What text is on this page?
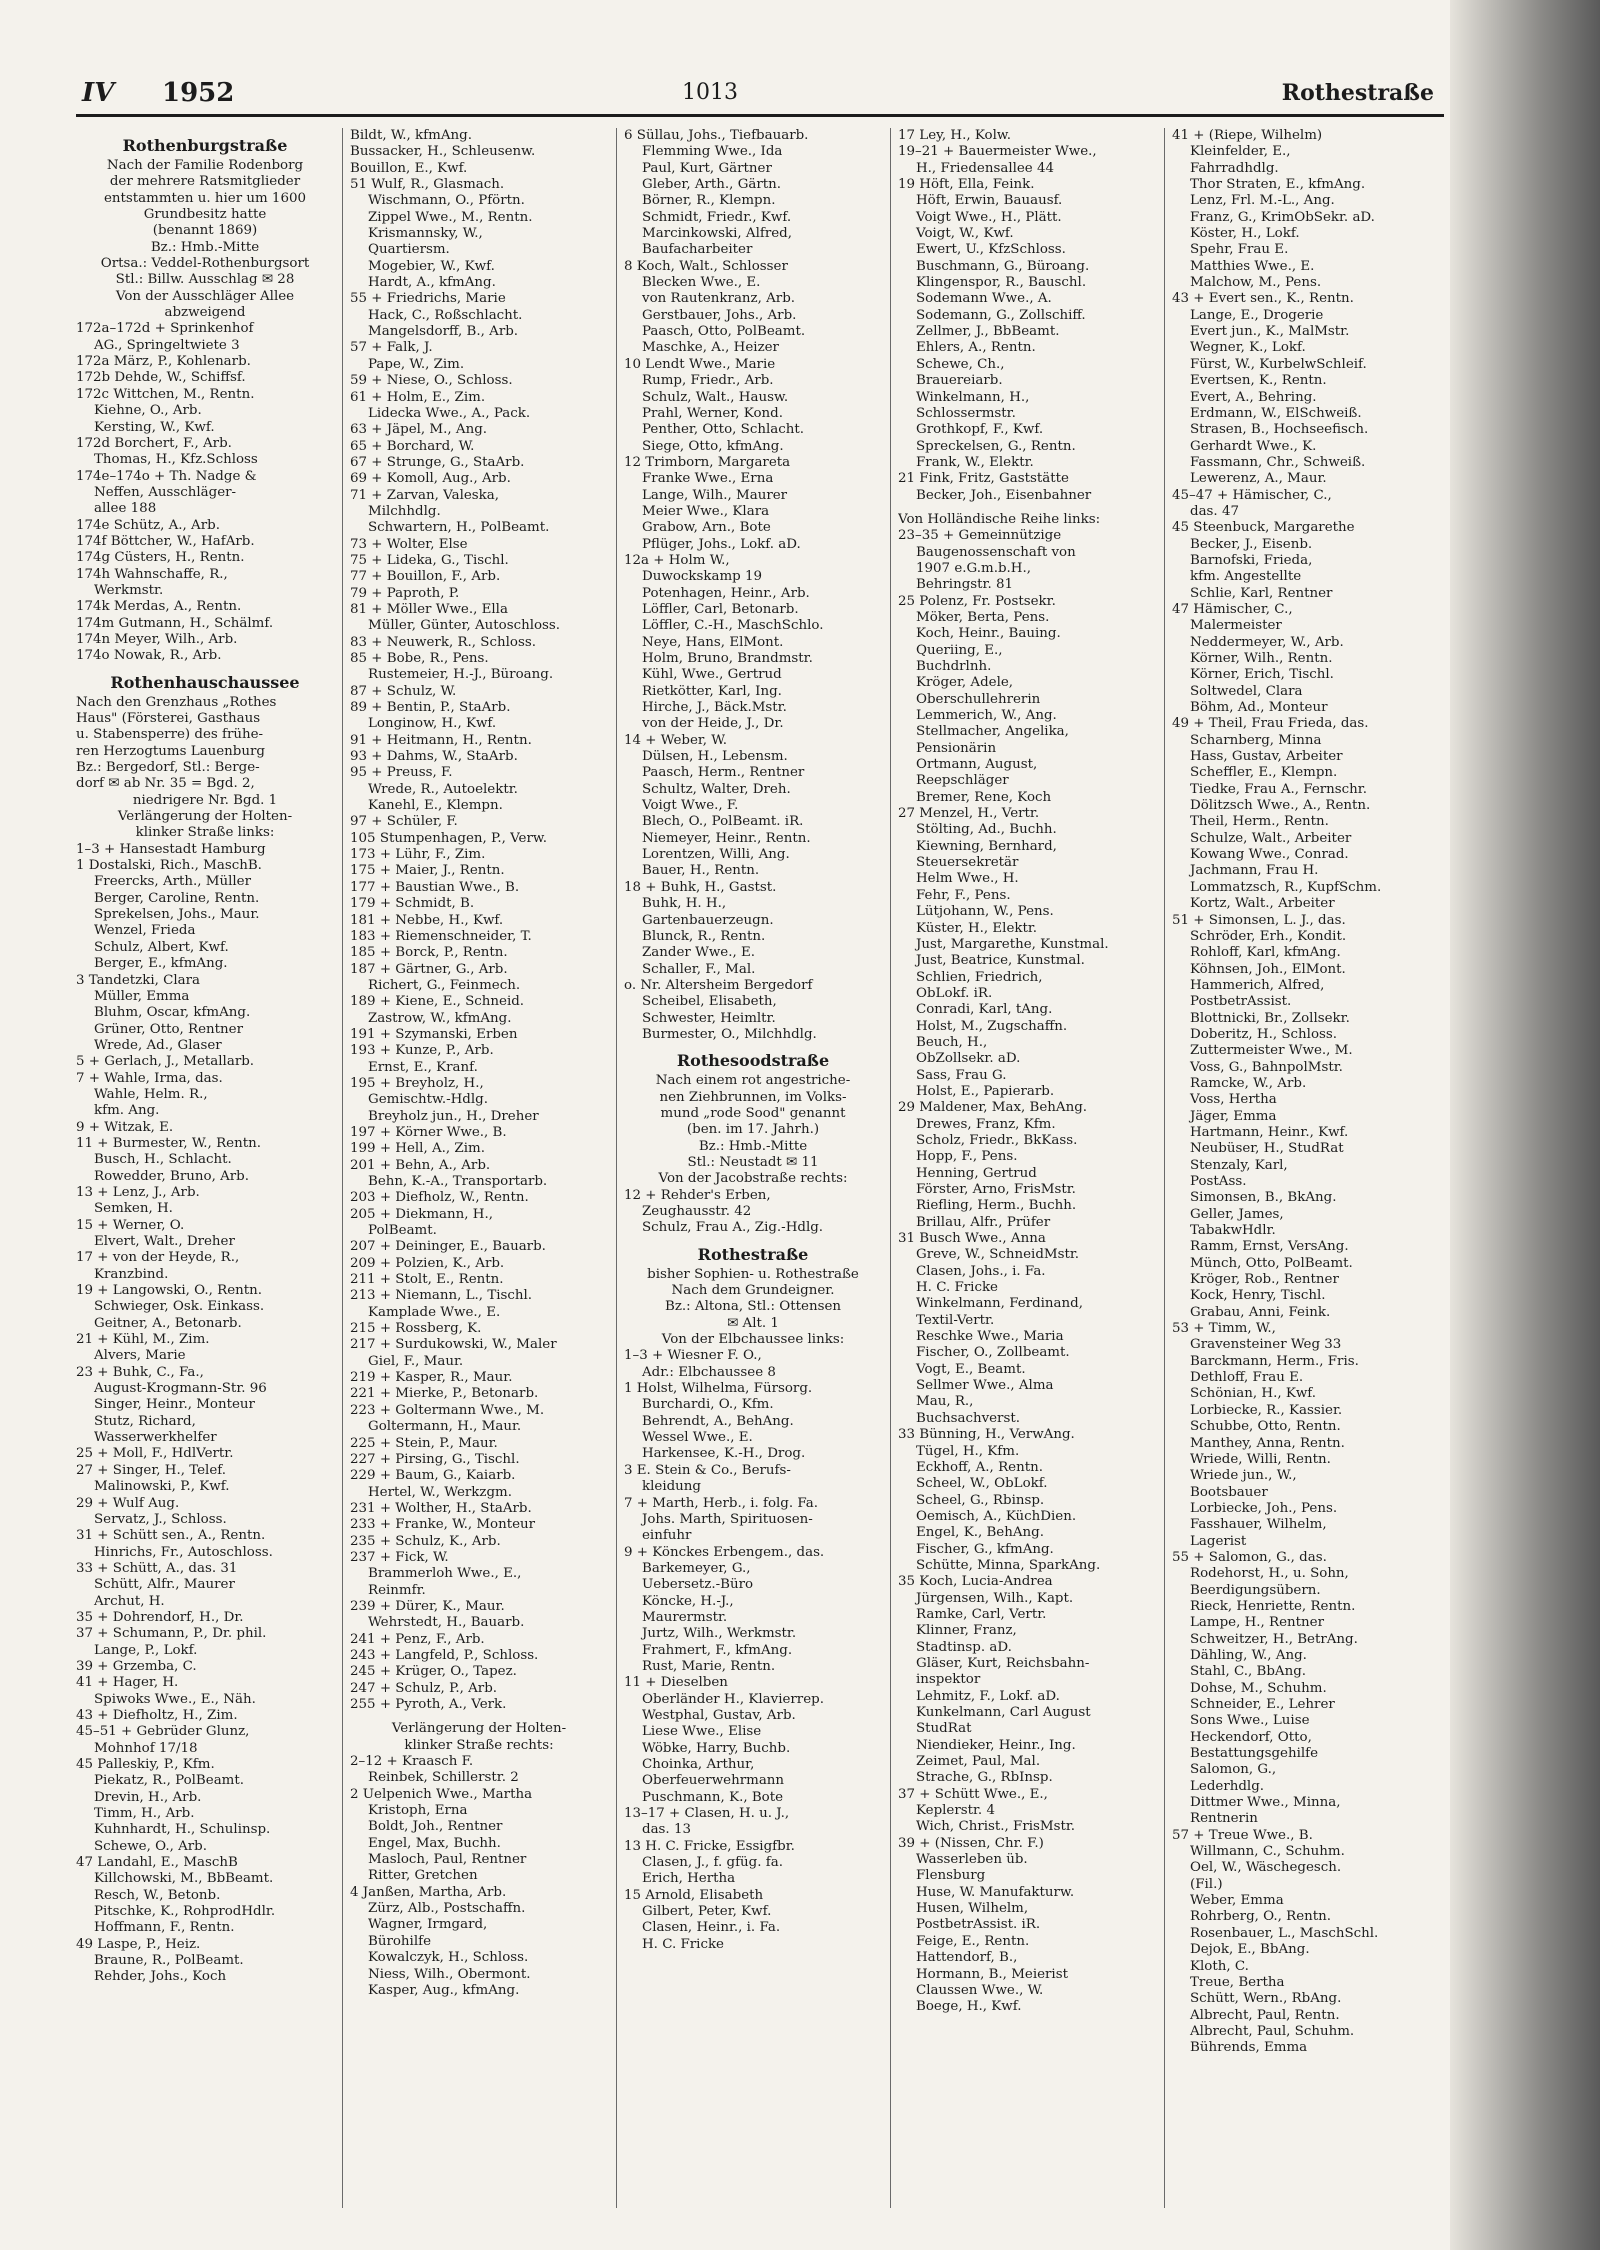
IV 1952	1013	Rothestraße
Rothenburgstraße
Nach der Familie Rodenborg
der mehrere Ratsmitglieder
entstammten u. hier um 1600
Grundbesitz hatte
(benannt 1869)
Bz.: Hmb.-Mitte
Ortsa.: Veddel-Rothenburgsort
Stl.: Billw. Ausschlag ✉ 28
Von der Ausschläger Allee
abzweigend
172a–172d + Sprinkenhof
AG., Springeltwiete 3
172a März, P., Kohlenarb.
172b Dehde, W., Schiffsf.
172c Wittchen, M., Rentn.
Kiehne, O., Arb.
Kersting, W., Kwf.
172d Borchert, F., Arb.
Thomas, H., Kfz.Schloss
174e–174o + Th. Nadge &
Neffen, Ausschläger-
allee 188
174e Schütz, A., Arb.
174f Böttcher, W., HafArb.
174g Cüsters, H., Rentn.
174h Wahnschaffe, R.,
Werkmstr.
174k Merdas, A., Rentn.
174m Gutmann, H., Schälmf.
174n Meyer, Wilh., Arb.
174o Nowak, R., Arb.
Rothenhauschaussee
Nach den Grenzhaus „Rothes
Haus" (Försterei, Gasthaus
u. Stabensperre) des frühe-
ren Herzogtums Lauenburg
Bz.: Bergedorf, Stl.: Berge-
dorf ✉ ab Nr. 35 = Bgd. 2,
niedrigere Nr. Bgd. 1
Verlängerung der Holten-
klinker Straße links:
1–3 + Hansestadt Hamburg
1 Dostalski, Rich., MaschB.
Freercks, Arth., Müller
Berger, Caroline, Rentn.
Sprekelsen, Johs., Maur.
Wenzel, Frieda
Schulz, Albert, Kwf.
Berger, E., kfmAng.
3 Tandetzki, Clara
Müller, Emma
Bluhm, Oscar, kfmAng.
Grüner, Otto, Rentner
Wrede, Ad., Glaser
5 + Gerlach, J., Metallarb.
7 + Wahle, Irma, das.
Wahle, Helm. R.,
kfm. Ang.
9 + Witzak, E.
11 + Burmester, W., Rentn.
Busch, H., Schlacht.
Rowedder, Bruno, Arb.
13 + Lenz, J., Arb.
Semken, H.
15 + Werner, O.
Elvert, Walt., Dreher
17 + von der Heyde, R.,
Kranzbind.
19 + Langowski, O., Rentn.
Schwieger, Osk. Einkass.
Geitner, A., Betonarb.
21 + Kühl, M., Zim.
Alvers, Marie
23 + Buhk, C., Fa.,
August-Krogmann-Str. 96
Singer, Heinr., Monteur
Stutz, Richard,
Wasserwerkhelfer
25 + Moll, F., HdlVertr.
27 + Singer, H., Telef.
Malinowski, P., Kwf.
29 + Wulf Aug.
Servatz, J., Schloss.
31 + Schütt sen., A., Rentn.
Hinrichs, Fr., Autoschloss.
33 + Schütt, A., das. 31
Schütt, Alfr., Maurer
Archut, H.
35 + Dohrendorf, H., Dr.
37 + Schumann, P., Dr. phil.
Lange, P., Lokf.
39 + Grzemba, C.
41 + Hager, H.
Spiwoks Wwe., E., Näh.
43 + Diefholtz, H., Zim.
45–51 + Gebrüder Glunz,
Mohnhof 17/18
45 Palleskiy, P., Kfm.
Piekatz, R., PolBeamt.
Drevin, H., Arb.
Timm, H., Arb.
Kuhnhardt, H., Schulinsp.
Schewe, O., Arb.
47 Landahl, E., MaschB
Killchowski, M., BbBeamt.
Resch, W., Betonb.
Pitschke, K., RohprodHdlr.
Hoffmann, F., Rentn.
49 Laspe, P., Heiz.
Braune, R., PolBeamt.
Rehder, Johs., Koch
Bildt, W., kfmAng.
Bussacker, H., Schleusenw.
Bouillon, E., Kwf.
51 Wulf, R., Glasmach.
Wischmann, O., Pförtn.
Zippel Wwe., M., Rentn.
Krismannsky, W.,
Quartiersm.
Mogebier, W., Kwf.
Hardt, A., kfmAng.
55 + Friedrichs, Marie
Hack, C., Roßschlacht.
Mangelsdorff, B., Arb.
57 + Falk, J.
Pape, W., Zim.
59 + Niese, O., Schloss.
61 + Holm, E., Zim.
Lidecka Wwe., A., Pack.
63 + Jäpel, M., Ang.
65 + Borchard, W.
67 + Strunge, G., StaArb.
69 + Komoll, Aug., Arb.
71 + Zarvan, Valeska,
Milchhdlg.
Schwartern, H., PolBeamt.
73 + Wolter, Else
75 + Lideka, G., Tischl.
77 + Bouillon, F., Arb.
79 + Paproth, P.
81 + Möller Wwe., Ella
Müller, Günter, Autoschloss.
83 + Neuwerk, R., Schloss.
85 + Bobe, R., Pens.
Rustemeier, H.-J., Büroang.
87 + Schulz, W.
89 + Bentin, P., StaArb.
Longinow, H., Kwf.
91 + Heitmann, H., Rentn.
93 + Dahms, W., StaArb.
95 + Preuss, F.
Wrede, R., Autoelektr.
Kanehl, E., Klempn.
97 + Schüler, F.
105 Stumpenhagen, P., Verw.
173 + Lühr, F., Zim.
175 + Maier, J., Rentn.
177 + Baustian Wwe., B.
179 + Schmidt, B.
181 + Nebbe, H., Kwf.
183 + Riemenschneider, T.
185 + Borck, P., Rentn.
187 + Gärtner, G., Arb.
Richert, G., Feinmech.
189 + Kiene, E., Schneid.
Zastrow, W., kfmAng.
191 + Szymanski, Erben
193 + Kunze, P., Arb.
Ernst, E., Kranf.
195 + Breyholz, H.,
Gemischtw.-Hdlg.
Breyholz jun., H., Dreher
197 + Körner Wwe., B.
199 + Hell, A., Zim.
201 + Behn, A., Arb.
Behn, K.-A., Transportarb.
203 + Diefholz, W., Rentn.
205 + Diekmann, H.,
PolBeamt.
207 + Deininger, E., Bauarb.
209 + Polzien, K., Arb.
211 + Stolt, E., Rentn.
213 + Niemann, L., Tischl.
Kamplade Wwe., E.
215 + Rossberg, K.
217 + Surdukowski, W., Maler
Giel, F., Maur.
219 + Kasper, R., Maur.
221 + Mierke, P., Betonarb.
223 + Goltermann Wwe., M.
Goltermann, H., Maur.
225 + Stein, P., Maur.
227 + Pirsing, G., Tischl.
229 + Baum, G., Kaiarb.
Hertel, W., Werkzgm.
231 + Wolther, H., StaArb.
233 + Franke, W., Monteur
235 + Schulz, K., Arb.
237 + Fick, W.
Brammerloh Wwe., E.,
Reinmfr.
239 + Dürer, K., Maur.
Wehrstedt, H., Bauarb.
241 + Penz, F., Arb.
243 + Langfeld, P., Schloss.
245 + Krüger, O., Tapez.
247 + Schulz, P., Arb.
255 + Pyroth, A., Verk.
Verlängerung der Holten-
klinker Straße rechts:
2–12 + Kraasch F.
Reinbek, Schillerstr. 2
2 Uelpenich Wwe., Martha
Kristoph, Erna
Boldt, Joh., Rentner
Engel, Max, Buchh.
Masloch, Paul, Rentner
Ritter, Gretchen
4 Janßen, Martha, Arb.
Zürz, Alb., Postschaffn.
Wagner, Irmgard,
Bürohilfe
Kowalczyk, H., Schloss.
Niess, Wilh., Obermont.
Kasper, Aug., kfmAng.
6 Süllau, Johs., Tiefbauarb.
Flemming Wwe., Ida
Paul, Kurt, Gärtner
Gleber, Arth., Gärtn.
Börner, R., Klempn.
Schmidt, Friedr., Kwf.
Marcinkowski, Alfred,
Baufacharbeiter
8 Koch, Walt., Schlosser
Blecken Wwe., E.
von Rautenkranz, Arb.
Gerstbauer, Johs., Arb.
Paasch, Otto, PolBeamt.
Maschke, A., Heizer
10 Lendt Wwe., Marie
Rump, Friedr., Arb.
Schulz, Walt., Hausw.
Prahl, Werner, Kond.
Penther, Otto, Schlacht.
Siege, Otto, kfmAng.
12 Trimborn, Margareta
Franke Wwe., Erna
Lange, Wilh., Maurer
Meier Wwe., Klara
Grabow, Arn., Bote
Pflüger, Johs., Lokf. aD.
12a + Holm W.,
Duwockskamp 19
Potenhagen, Heinr., Arb.
Löffler, Carl, Betonarb.
Löffler, C.-H., MaschSchlo.
Neye, Hans, ElMont.
Holm, Bruno, Brandmstr.
Kühl, Wwe., Gertrud
Rietkötter, Karl, Ing.
Hirche, J., Bäck.Mstr.
von der Heide, J., Dr.
14 + Weber, W.
Dülsen, H., Lebensm.
Paasch, Herm., Rentner
Schultz, Walter, Dreh.
Voigt Wwe., F.
Blech, O., PolBeamt. iR.
Niemeyer, Heinr., Rentn.
Lorentzen, Willi, Ang.
Bauer, H., Rentn.
18 + Buhk, H., Gastst.
Buhk, H. H.,
Gartenbauerzeugn.
Blunck, R., Rentn.
Zander Wwe., E.
Schaller, F., Mal.
o. Nr. Altersheim Bergedorf
Scheibel, Elisabeth,
Schwester, Heimltr.
Burmester, O., Milchhdlg.
Rothesoodstraße
Nach einem rot angestriche-
nen Ziehbrunnen, im Volks-
mund „rode Sood" genannt
(ben. im 17. Jahrh.)
Bz.: Hmb.-Mitte
Stl.: Neustadt ✉ 11
Von der Jacobstraße rechts:
12 + Rehder's Erben,
Zeughausstr. 42
Schulz, Frau A., Zig.-Hdlg.
Rothestraße
bisher Sophien- u. Rothestraße
Nach dem Grundeigner.
Bz.: Altona, Stl.: Ottensen
✉ Alt. 1
Von der Elbchaussee links:
1–3 + Wiesner F. O.,
Adr.: Elbchaussee 8
1 Holst, Wilhelma, Fürsorg.
Burchardi, O., Kfm.
Behrendt, A., BehAng.
Wessel Wwe., E.
Harkensee, K.-H., Drog.
3 E. Stein & Co., Berufs-
kleidung
7 + Marth, Herb., i. folg. Fa.
Johs. Marth, Spirituosen-
einfuhr
9 + Könckes Erbengem., das.
Barkemeyer, G.,
Uebersetz.-Büro
Köncke, H.-J.,
Maurermstr.
Jurtz, Wilh., Werkmstr.
Frahmert, F., kfmAng.
Rust, Marie, Rentn.
11 + Dieselben
Oberländer H., Klavierrep.
Westphal, Gustav, Arb.
Liese Wwe., Elise
Wöbke, Harry, Buchb.
Choinka, Arthur,
Oberfeuerwehrmann
Puschmann, K., Bote
13–17 + Clasen, H. u. J.,
das. 13
13 H. C. Fricke, Essigfbr.
Clasen, J., f. gfüg. fa.
Erich, Hertha
15 Arnold, Elisabeth
Gilbert, Peter, Kwf.
Clasen, Heinr., i. Fa.
H. C. Fricke
17 Ley, H., Kolw.
19–21 + Bauermeister Wwe.,
H., Friedensallee 44
19 Höft, Ella, Feink.
Höft, Erwin, Bauausf.
Voigt Wwe., H., Plätt.
Voigt, W., Kwf.
Ewert, U., KfzSchloss.
Buschmann, G., Büroang.
Klingenspor, R., Bauschl.
Sodemann Wwe., A.
Sodemann, G., Zollschiff.
Zellmer, J., BbBeamt.
Ehlers, A., Rentn.
Schewe, Ch.,
Brauereiarb.
Winkelmann, H.,
Schlossermstr.
Grothkopf, F., Kwf.
Spreckelsen, G., Rentn.
Frank, W., Elektr.
21 Fink, Fritz, Gaststätte
Becker, Joh., Eisenbahner
Von Holländische Reihe links:
23–35 + Gemeinnützige
Baugenossenschaft von
1907 e.G.m.b.H.,
Behringstr. 81
25 Polenz, Fr. Postsekr.
Möker, Berta, Pens.
Koch, Heinr., Bauing.
Queriing, E.,
Buchdrlnh.
Kröger, Adele,
Oberschullehrerin
Lemmerich, W., Ang.
Stellmacher, Angelika,
Pensionärin
Ortmann, August,
Reepschläger
Bremer, Rene, Koch
27 Menzel, H., Vertr.
Stölting, Ad., Buchh.
Kiewning, Bernhard,
Steuersekretär
Helm Wwe., H.
Fehr, F., Pens.
Lütjohann, W., Pens.
Küster, H., Elektr.
Just, Margarethe, Kunstmal.
Just, Beatrice, Kunstmal.
Schlien, Friedrich,
ObLokf. iR.
Conradi, Karl, tAng.
Holst, M., Zugschaffn.
Beuch, H.,
ObZollsekr. aD.
Sass, Frau G.
Holst, E., Papierarb.
29 Maldener, Max, BehAng.
Drewes, Franz, Kfm.
Scholz, Friedr., BkKass.
Hopp, F., Pens.
Henning, Gertrud
Förster, Arno, FrisMstr.
Riefling, Herm., Buchh.
Brillau, Alfr., Prüfer
31 Busch Wwe., Anna
Greve, W., SchneidMstr.
Clasen, Johs., i. Fa.
H. C. Fricke
Winkelmann, Ferdinand,
Textil-Vertr.
Reschke Wwe., Maria
Fischer, O., Zollbeamt.
Vogt, E., Beamt.
Sellmer Wwe., Alma
Mau, R.,
Buchsachverst.
33 Bünning, H., VerwAng.
Tügel, H., Kfm.
Eckhoff, A., Rentn.
Scheel, W., ObLokf.
Scheel, G., Rbinsp.
Oemisch, A., KüchDien.
Engel, K., BehAng.
Fischer, G., kfmAng.
Schütte, Minna, SparkAng.
35 Koch, Lucia-Andrea
Jürgensen, Wilh., Kapt.
Ramke, Carl, Vertr.
Klinner, Franz,
Stadtinsp. aD.
Gläser, Kurt, Reichsbahn-
inspektor
Lehmitz, F., Lokf. aD.
Kunkelmann, Carl August
StudRat
Niendieker, Heinr., Ing.
Zeimet, Paul, Mal.
Strache, G., RbInsp.
37 + Schütt Wwe., E.,
Keplerstr. 4
Wich, Christ., FrisMstr.
39 + (Nissen, Chr. F.)
Wasserleben üb.
Flensburg
Huse, W. Manufakturw.
Husen, Wilhelm,
PostbetrAssist. iR.
Feige, E., Rentn.
Hattendorf, B.,
Hormann, B., Meierist
Claussen Wwe., W.
Boege, H., Kwf.
41 + (Riepe, Wilhelm)
Kleinfelder, E.,
Fahrradhdlg.
Thor Straten, E., kfmAng.
Lenz, Frl. M.-L., Ang.
Franz, G., KrimObSekr. aD.
Köster, H., Lokf.
Spehr, Frau E.
Matthies Wwe., E.
Malchow, M., Pens.
43 + Evert sen., K., Rentn.
Lange, E., Drogerie
Evert jun., K., MalMstr.
Wegner, K., Lokf.
Fürst, W., KurbelwSchleif.
Evertsen, K., Rentn.
Evert, A., Behring.
Erdmann, W., ElSchweiß.
Strasen, B., Hochseefisch.
Gerhardt Wwe., K.
Fassmann, Chr., Schweiß.
Lewerenz, A., Maur.
45–47 + Hämischer, C.,
das. 47
45 Steenbuck, Margarethe
Becker, J., Eisenb.
Barnofski, Frieda,
kfm. Angestellte
Schlie, Karl, Rentner
47 Hämischer, C.,
Malermeister
Neddermeyer, W., Arb.
Körner, Wilh., Rentn.
Körner, Erich, Tischl.
Soltwedel, Clara
Böhm, Ad., Monteur
49 + Theil, Frau Frieda, das.
Scharnberg, Minna
Hass, Gustav, Arbeiter
Scheffler, E., Klempn.
Tiedke, Frau A., Fernschr.
Dölitzsch Wwe., A., Rentn.
Theil, Herm., Rentn.
Schulze, Walt., Arbeiter
Kowang Wwe., Conrad.
Jachmann, Frau H.
Lommatzsch, R., KupfSchm.
Kortz, Walt., Arbeiter
51 + Simonsen, L. J., das.
Schröder, Erh., Kondit.
Rohloff, Karl, kfmAng.
Köhnsen, Joh., ElMont.
Hammerich, Alfred,
PostbetrAssist.
Blottnicki, Br., Zollsekr.
Doberitz, H., Schloss.
Zuttermeister Wwe., M.
Voss, G., BahnpolMstr.
Ramcke, W., Arb.
Voss, Hertha
Jäger, Emma
Hartmann, Heinr., Kwf.
Neubüser, H., StudRat
Stenzaly, Karl,
PostAss.
Simonsen, B., BkAng.
Geller, James,
TabakwHdlr.
Ramm, Ernst, VersAng.
Münch, Otto, PolBeamt.
Kröger, Rob., Rentner
Kock, Henry, Tischl.
Grabau, Anni, Feink.
53 + Timm, W.,
Gravensteiner Weg 33
Barckmann, Herm., Fris.
Dethloff, Frau E.
Schönian, H., Kwf.
Lorbiecke, R., Kassier.
Schubbe, Otto, Rentn.
Manthey, Anna, Rentn.
Wriede, Willi, Rentn.
Wriede jun., W.,
Bootsbauer
Lorbiecke, Joh., Pens.
Fasshauer, Wilhelm,
Lagerist
55 + Salomon, G., das.
Rodehorst, H., u. Sohn,
Beerdigungsübern.
Rieck, Henriette, Rentn.
Lampe, H., Rentner
Schweitzer, H., BetrAng.
Dähling, W., Ang.
Stahl, C., BbAng.
Dohse, M., Schuhm.
Schneider, E., Lehrer
Sons Wwe., Luise
Heckendorf, Otto,
Bestattungsgehilfe
Salomon, G.,
Lederhdlg.
Dittmer Wwe., Minna,
Rentnerin
57 + Treue Wwe., B.
Willmann, C., Schuhm.
Oel, W., Wäschegesch.
(Fil.)
Weber, Emma
Rohrberg, O., Rentn.
Rosenbauer, L., MaschSchl.
Dejok, E., BbAng.
Kloth, C.
Treue, Bertha
Schütt, Wern., RbAng.
Albrecht, Paul, Rentn.
Albrecht, Paul, Schuhm.
Bührends, Emma
